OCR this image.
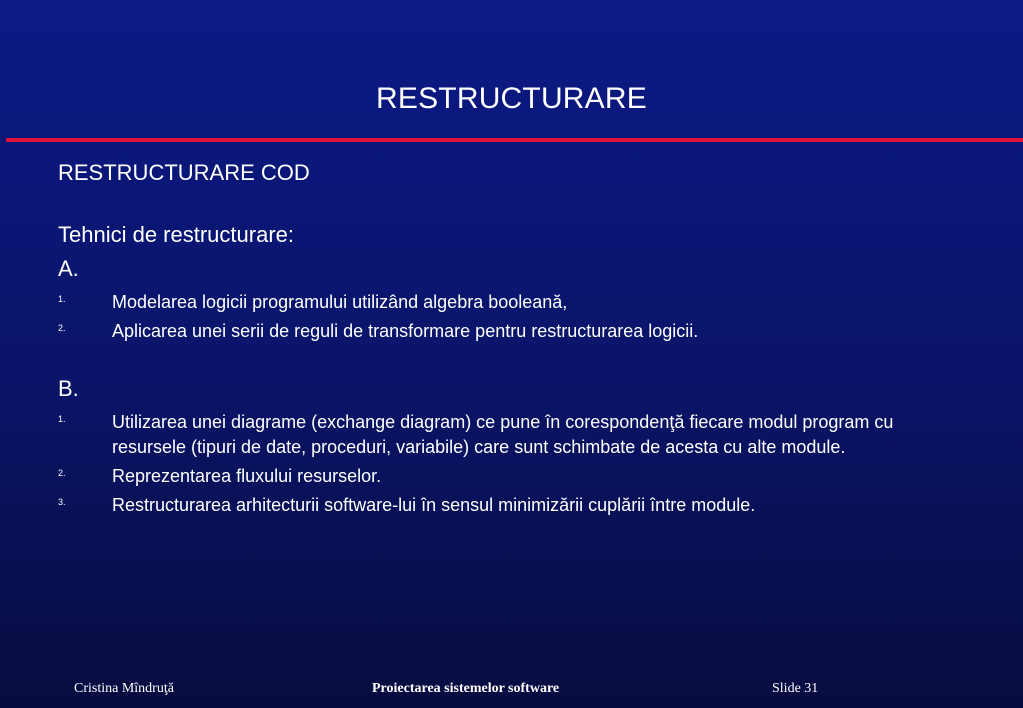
RESTRUCTURARE
RESTRUCTURARE COD
Tehnici de restructurare:
A.
1.	Modelarea logicii programului utilizând algebra booleană,
2.	Aplicarea unei serii de reguli de transformare pentru restructurarea logicii.
B.
1.	Utilizarea unei diagrame (exchange diagram) ce pune în corespondenţă fiecare modul program cu resursele (tipuri de date, proceduri, variabile) care sunt schimbate de acesta cu alte module.
2.	Reprezentarea fluxului resurselor.
3.	Restructurarea arhitecturii software-lui în sensul minimizării cuplării între module.
Cristina Mîndruţă	Proiectarea sistemelor software	Slide 31
